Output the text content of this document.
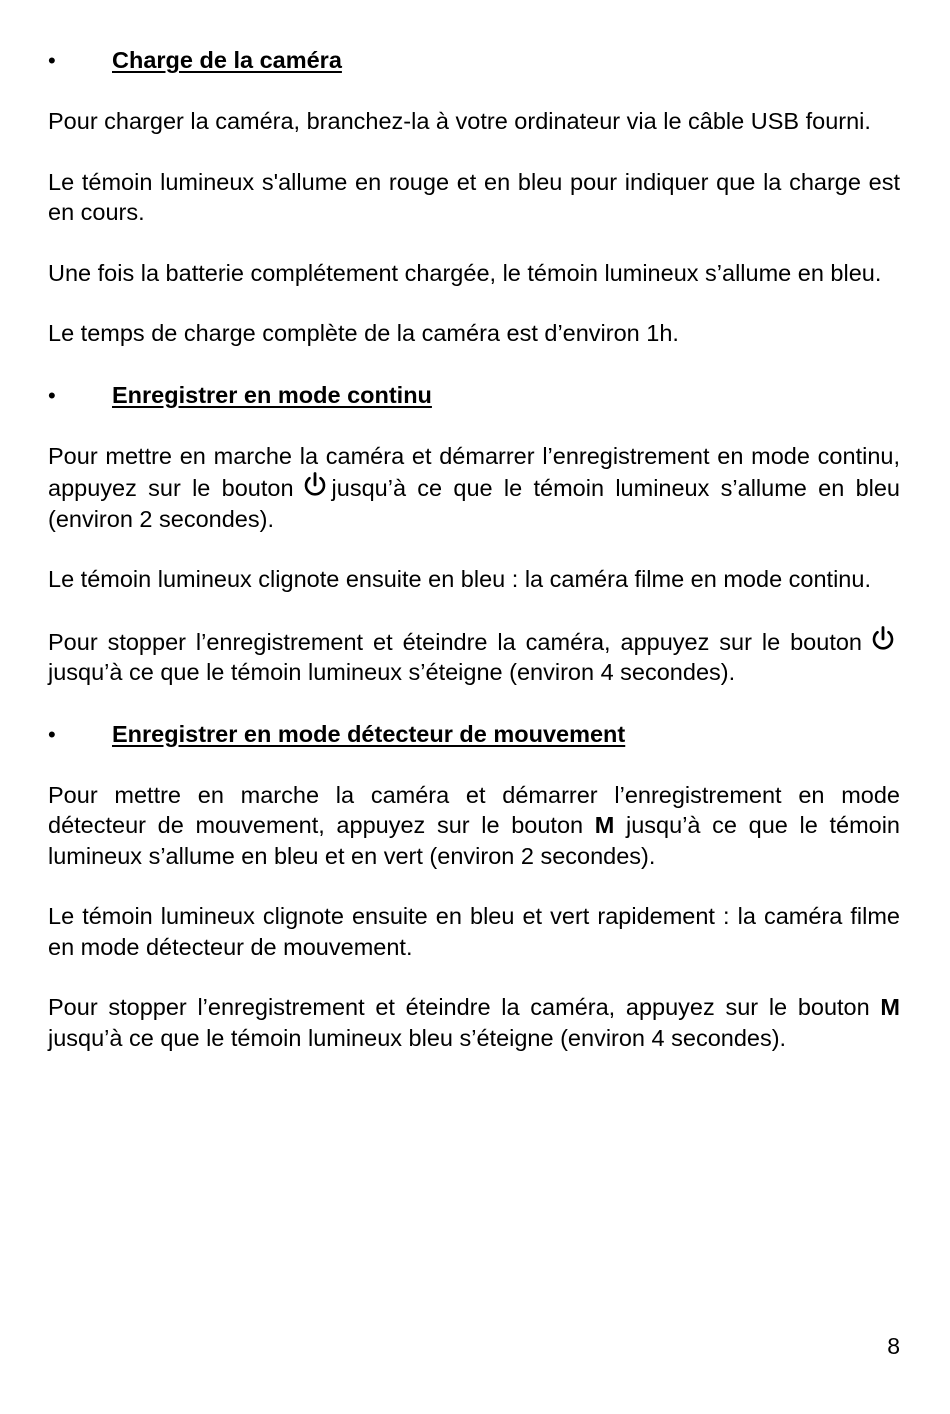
•	Charge de la caméra

Pour charger la caméra, branchez-la à votre ordinateur via le câble USB fourni.

Le témoin lumineux s'allume en rouge et en bleu pour indiquer que la charge est en cours.

Une fois la batterie complétement chargée, le témoin lumineux s’allume en bleu.

Le temps de charge complète de la caméra est d’environ 1h.

•	Enregistrer en mode continu

Pour mettre en marche la caméra et démarrer l’enregistrement en mode continu, appuyez sur le bouton jusqu’à ce que le témoin lumineux s’allume en bleu (environ 2 secondes).

Le témoin lumineux clignote ensuite en bleu : la caméra filme en mode continu.

Pour stopper l’enregistrement et éteindre la caméra, appuyez sur le bouton
jusqu’à ce que le témoin lumineux s’éteigne (environ 4 secondes).

•	Enregistrer en mode détecteur de mouvement

Pour mettre en marche la caméra et démarrer l’enregistrement en mode détecteur de mouvement, appuyez sur le bouton M jusqu’à ce que le témoin lumineux s’allume en bleu et en vert (environ 2 secondes).

Le témoin lumineux clignote ensuite en bleu et vert rapidement : la caméra filme en mode détecteur de mouvement.

Pour stopper l’enregistrement et éteindre la caméra, appuyez sur le bouton M jusqu’à ce que le témoin lumineux bleu s’éteigne (environ 4 secondes).

8
